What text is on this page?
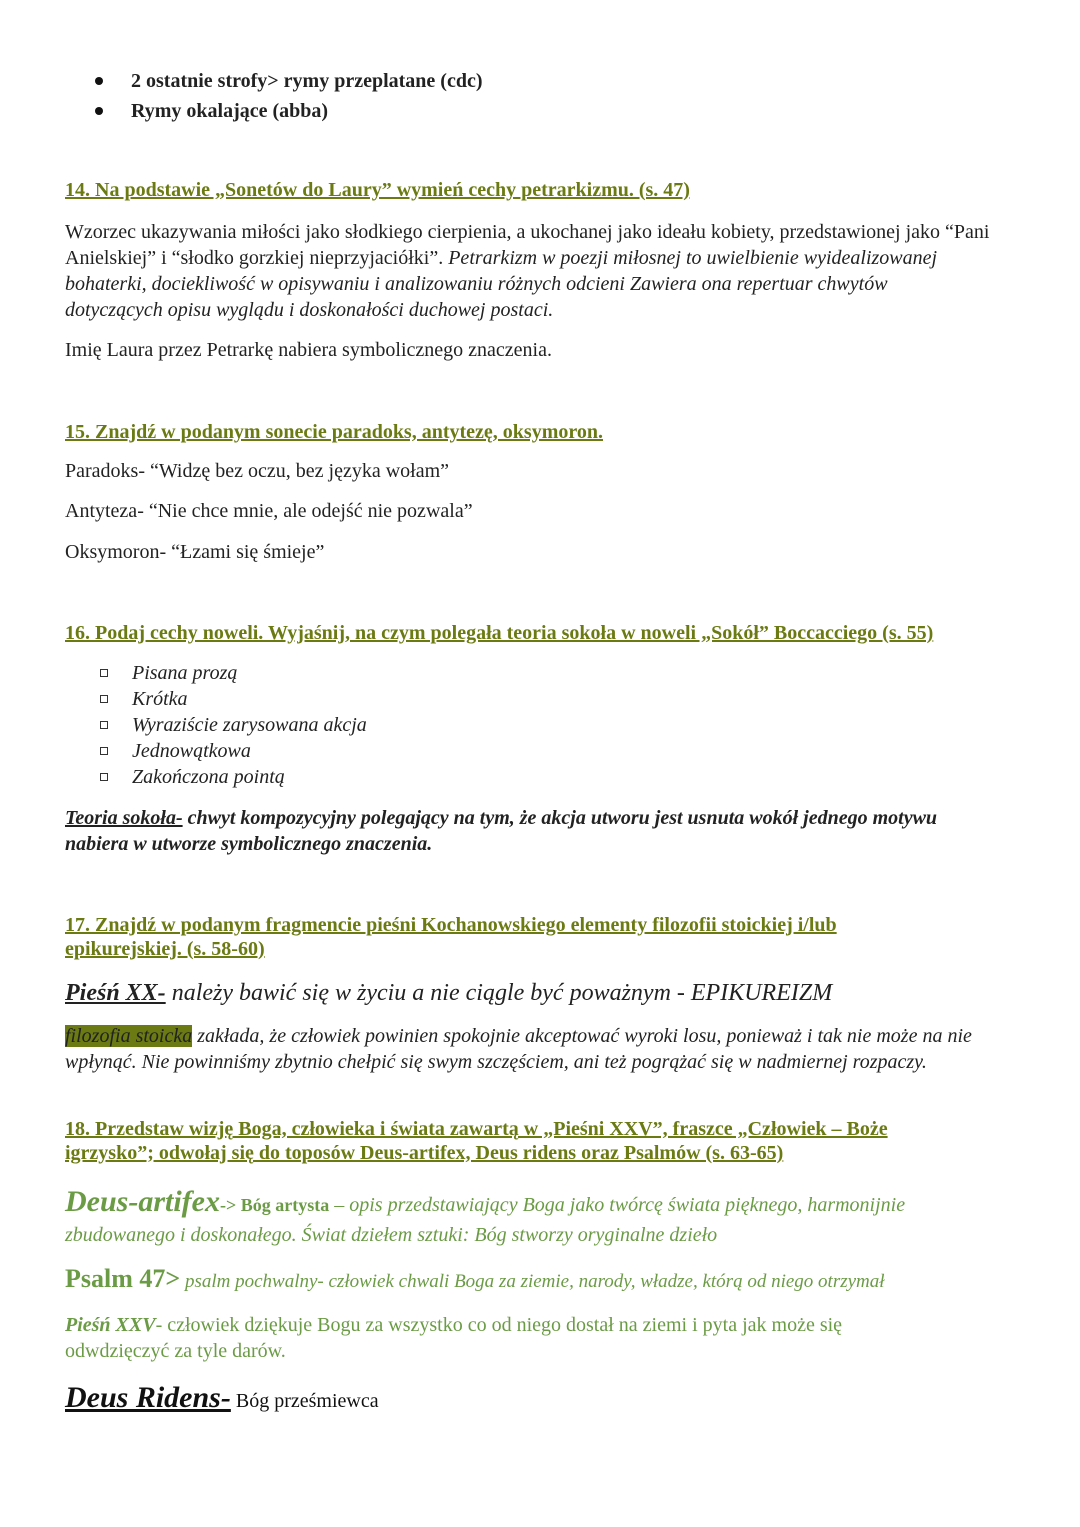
2 ostatnie strofy> rymy przeplatane (cdc)
Rymy okalające (abba)
14. Na podstawie „Sonetów do Laury” wymień cechy petrarkizmu. (s. 47)
Wzorzec ukazywania miłości jako słodkiego cierpienia, a ukochanej jako ideału kobiety, przedstawionej jako “Pani Anielskiej” i “słodko gorzkiej nieprzyjaciółki”. Petrarkizm w poezji miłosnej to uwielbienie wyidealizowanej bohaterki, dociekliwość w opisywaniu i analizowaniu różnych odcieni Zawiera ona repertuar chwytów dotyczących opisu wyglądu i doskonałości duchowej postaci.
Imię Laura przez Petrarkę nabiera symbolicznego znaczenia.
15. Znajdź w podanym sonecie paradoks, antytezę, oksymoron.
Paradoks- “Widzę bez oczu, bez języka wołam”
Antyteza- “Nie chce mnie, ale odejść nie pozwala”
Oksymoron- “Łzami się śmieje”
16. Podaj cechy noweli. Wyjaśnij, na czym polegała teoria sokoła w noweli „Sokół” Boccacciego (s. 55)
Pisana prozą
Krótka
Wyraziście zarysowana akcja
Jednowątkowa
Zakończona pointą
Teoria sokoła- chwyt kompozycyjny polegający na tym, że akcja utworu jest usnuta wokół jednego motywu nabiera w utworze symbolicznego znaczenia.
17. Znajdź w podanym fragmencie pieśni Kochanowskiego elementy filozofii stoickiej i/lub epikurejskiej. (s. 58-60)
Pieśń XX- należy bawić się w życiu a nie ciągle być poważnym - EPIKUREIZM
filozofia stoicka zakłada, że człowiek powinien spokojnie akceptować wyroki losu, ponieważ i tak nie może na nie wpłynąć. Nie powinniśmy zbytnio chełpić się swym szczęściem, ani też pogrążać się w nadmiernej rozpaczy.
18. Przedstaw wizję Boga, człowieka i świata zawartą w „Pieśni XXV”, fraszce „Człowiek – Boże igrzysko”; odwołaj się do toposów Deus-artifex, Deus ridens oraz Psalmów (s. 63-65)
Deus-artifex-> Bóg artysta – opis przedstawiający Boga jako twórcę świata pięknego, harmonijnie zbudowanego i doskonałego. Świat dziełem sztuki: Bóg stworzy oryginalne dzieło
Psalm 47> psalm pochwalny- człowiek chwali Boga za ziemie, narody, władze, którą od niego otrzymał
Pieśń XXV- człowiek dziękuje Bogu za wszystko co od niego dostał na ziemi i pyta jak może się odwdzięczyć za tyle darów.
Deus Ridens- Bóg prześmiewca
